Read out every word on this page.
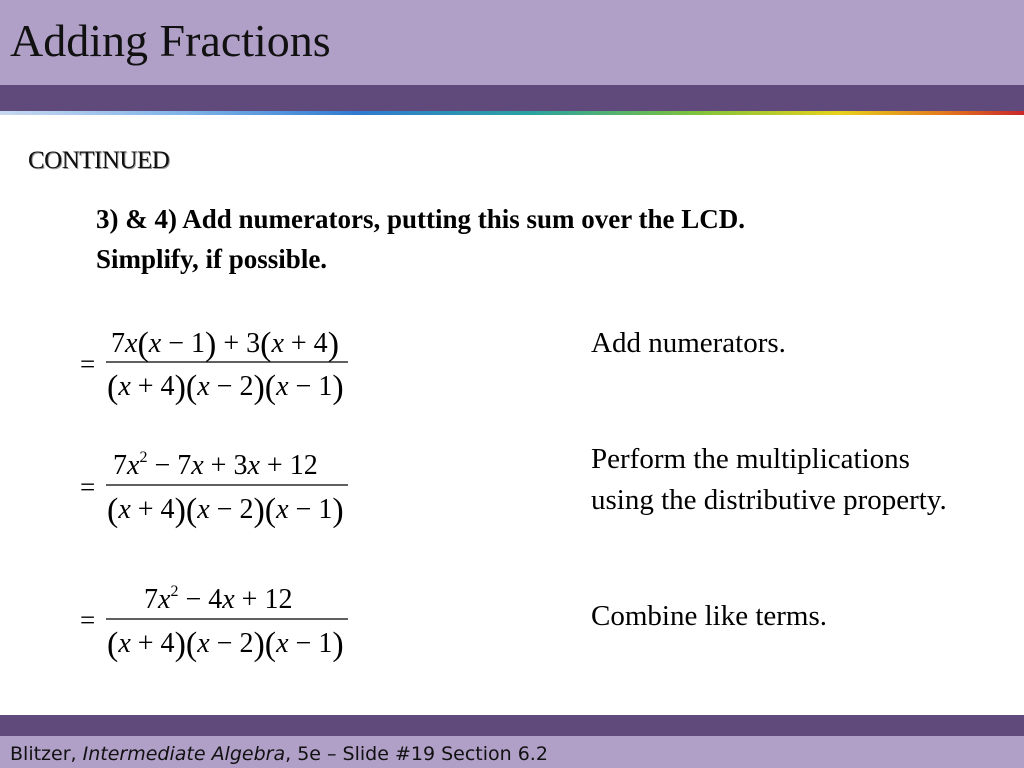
Adding Fractions
CONTINUED
3) & 4) Add numerators, putting this sum over the LCD.
Simplify, if possible.
=
7x(x − 1) + 3(x + 4)
(x + 4)(x − 2)(x − 1)
=
$7x^2 - 7x + 3x + 12$
(x + 4)(x − 2)(x − 1)
=
$7x^2 - 4x + 12$
(x + 4)(x − 2)(x − 1)
Add numerators.
Perform the multiplications using the distributive property.
Combine like terms.
Blitzer, Intermediate Algebra, 5e – Slide #19 Section 6.2
